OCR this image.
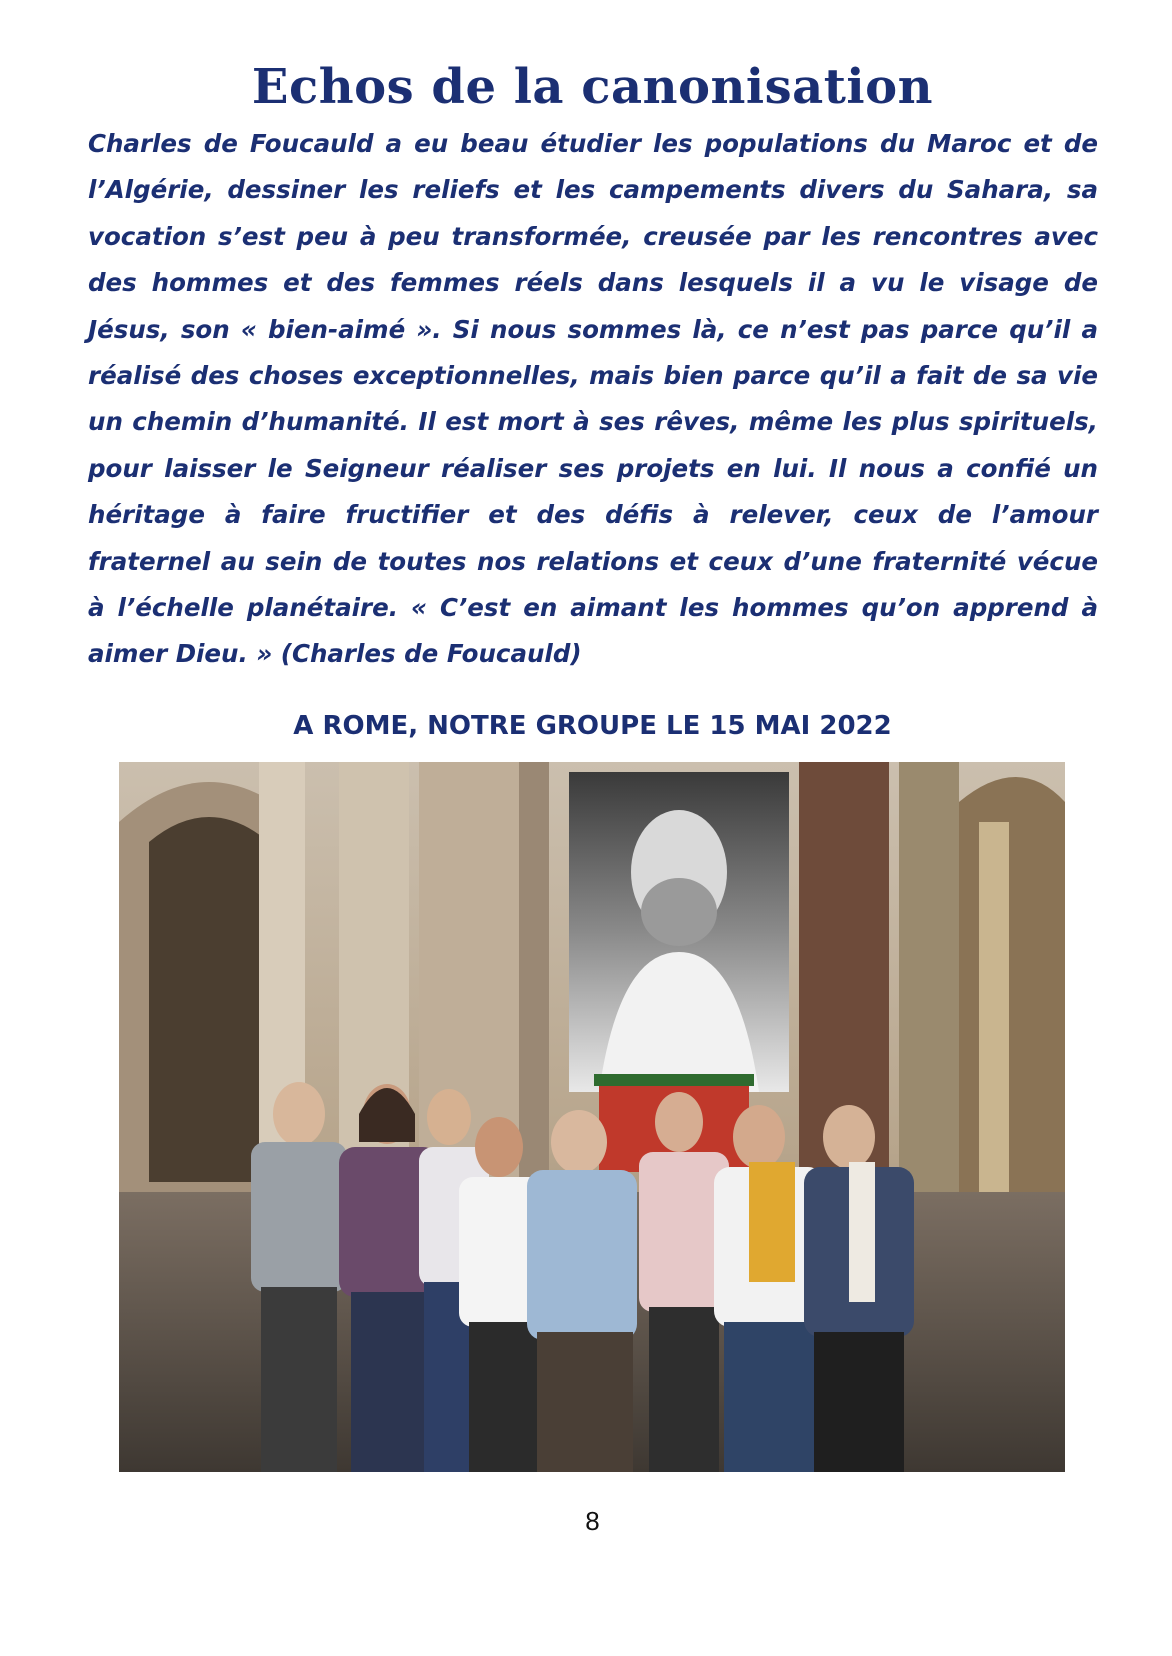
Echos de la canonisation

Charles de Foucauld a eu beau étudier les populations du Maroc et de l’Algérie, dessiner les reliefs et les campements divers du Sahara, sa vocation s’est peu à peu transformée, creusée par les rencontres avec des hommes et des femmes réels dans lesquels il a vu le visage de Jésus, son « bien-aimé ». Si nous sommes là, ce n’est pas parce qu’il a réalisé des choses exceptionnelles, mais bien parce qu’il a fait de sa vie un chemin d’humanité. Il est mort à ses rêves, même les plus spirituels, pour laisser le Seigneur réaliser ses projets en lui. Il nous a confié un héritage à faire fructifier et des défis à relever, ceux de l’amour fraternel au sein de toutes nos relations et ceux d’une fraternité vécue à l’échelle planétaire. « C’est en aimant les hommes qu’on apprend à aimer Dieu. » (Charles de Foucauld)

A ROME, NOTRE GROUPE LE 15 MAI 2022
8
